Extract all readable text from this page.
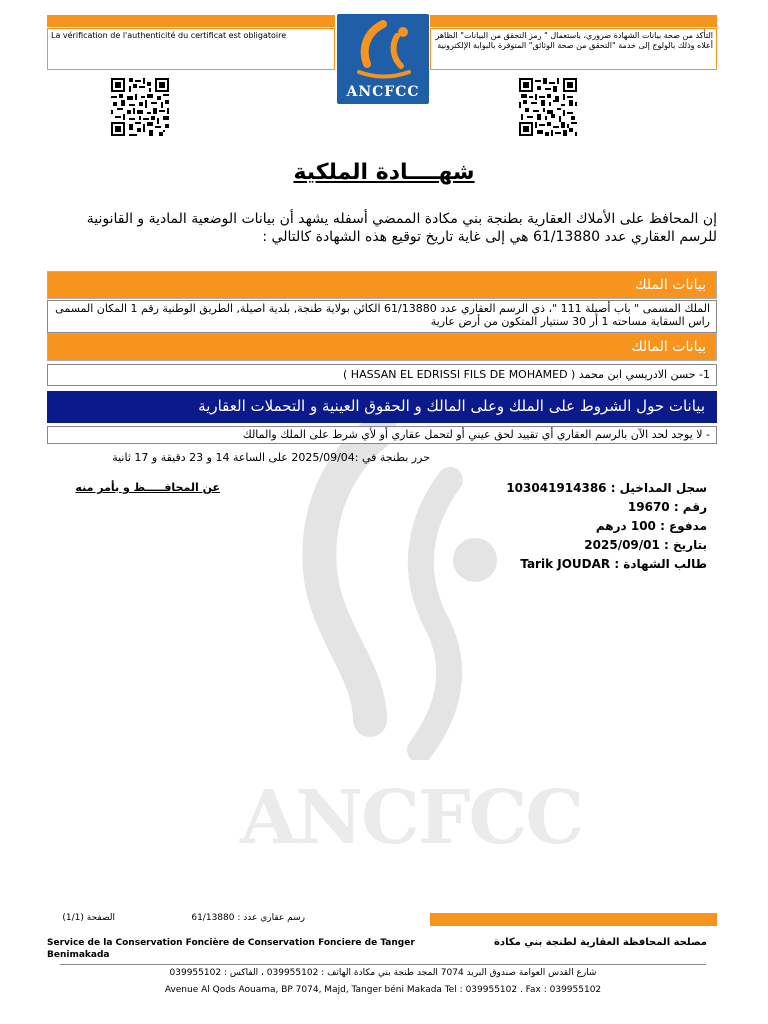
ANCFCC
La vérification de l'authenticité du certificat est obligatoire	التأكد من صحة بيانات الشهادة ضروري، باستعمال " رمز التحقق من البيانات" الظاهر أعلاه وذلك بالولوج إلى خدمة "التحقق من صحة الوثائق" المتوفرة بالبوابة الإلكترونية
ANCFCC
شهــــادة الملكية
إن المحافظ على الأملاك العقارية بطنجة بني مكادة الممضي أسفله يشهد أن بيانات الوضعية المادية و القانونية للرسم العقاري عدد 61/13880 هي إلى غاية تاريخ توقيع هذه الشهادة كالتالي :
بيانات الملك
الملك المسمى " باب أصيلة 111 "، ذي الرسم العقاري عدد 61/13880 الكائن بولاية طنجة, بلدية اصيلة, الطريق الوطنية رقم 1 المكان المسمى راس السقاية مساحته 1 أر 30 سنتيار المتكون من أرض عارية
بيانات المالك
1- حسن الادريسي ابن محمد ( HASSAN EL EDRISSI FILS DE MOHAMED )
بيانات حول الشروط على الملك وعلى المالك و الحقوق العينية و التحملات العقارية
- لا يوجد لحد الآن بالرسم العقاري أي تقييد لحق عيني أو لتحمل عقاري أو لأي شرط على الملك والمالك
حرر بطنجة في :2025/09/04 على الساعة 14 و 23 دقيقة و 17 ثانية
عن المحافـــــظ و بأمر منه	سجل المداخيل : 103041914386
رقم : 19670
مدفوع : 100 درهم
بتاريخ : 2025/09/01
طالب الشهادة : Tarik JOUDAR
الصفحة (1/1)	رسم عقاري عدد : 61/13880
Service de la Conservation Foncière de Conservation Fonciere de Tanger Benimakada
مصلحة المحافظة العقارية لطنجة بني مكادة
شارع القدس العوامة صندوق البريد 7074 المجد طنجة بني مكادة الهاتف : 039955102 ، الفاكس : 039955102
Avenue Al Qods Aouama, BP 7074, Majd, Tanger béni Makada Tel : 039955102 . Fax : 039955102
